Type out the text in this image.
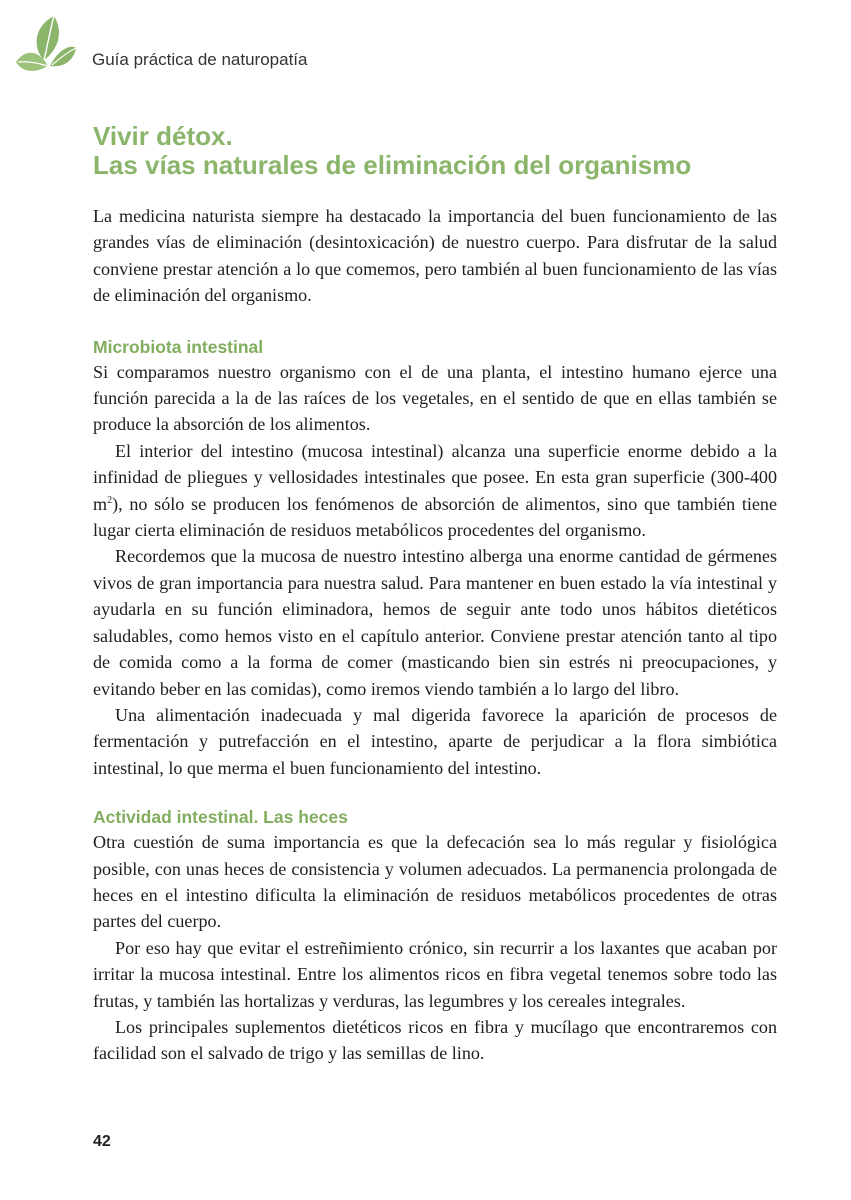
Guía práctica de naturopatía
Vivir détox.
Las vías naturales de eliminación del organismo

La medicina naturista siempre ha destacado la importancia del buen funcionamiento de las grandes vías de eliminación (desintoxicación) de nuestro cuerpo. Para disfrutar de la salud conviene prestar atención a lo que comemos, pero también al buen funcionamiento de las vías de eliminación del organismo.

Microbiota intestinal

Si comparamos nuestro organismo con el de una planta, el intestino humano ejerce una función parecida a la de las raíces de los vegetales, en el sentido de que en ellas también se produce la absorción de los alimentos.

El interior del intestino (mucosa intestinal) alcanza una superficie enorme debido a la infinidad de pliegues y vellosidades intestinales que posee. En esta gran superficie (300-400 $m^2$), no sólo se producen los fenómenos de absorción de alimentos, sino que también tiene lugar cierta eliminación de residuos metabólicos procedentes del organismo.

Recordemos que la mucosa de nuestro intestino alberga una enorme cantidad de gérmenes vivos de gran importancia para nuestra salud. Para mantener en buen estado la vía intestinal y ayudarla en su función eliminadora, hemos de seguir ante todo unos hábitos dietéticos saludables, como hemos visto en el capítulo anterior. Conviene prestar atención tanto al tipo de comida como a la forma de comer (masticando bien sin estrés ni preocupaciones, y evitando beber en las comidas), como iremos viendo también a lo largo del libro.

Una alimentación inadecuada y mal digerida favorece la aparición de procesos de fermentación y putrefacción en el intestino, aparte de perjudicar a la flora simbiótica intestinal, lo que merma el buen funcionamiento del intestino.

Actividad intestinal. Las heces

Otra cuestión de suma importancia es que la defecación sea lo más regular y fisiológica posible, con unas heces de consistencia y volumen adecuados. La permanencia prolongada de heces en el intestino dificulta la eliminación de residuos metabólicos procedentes de otras partes del cuerpo.

Por eso hay que evitar el estreñimiento crónico, sin recurrir a los laxantes que acaban por irritar la mucosa intestinal. Entre los alimentos ricos en fibra vegetal tenemos sobre todo las frutas, y también las hortalizas y verduras, las legumbres y los cereales integrales.

Los principales suplementos dietéticos ricos en fibra y mucílago que encontraremos con facilidad son el salvado de trigo y las semillas de lino.

42
